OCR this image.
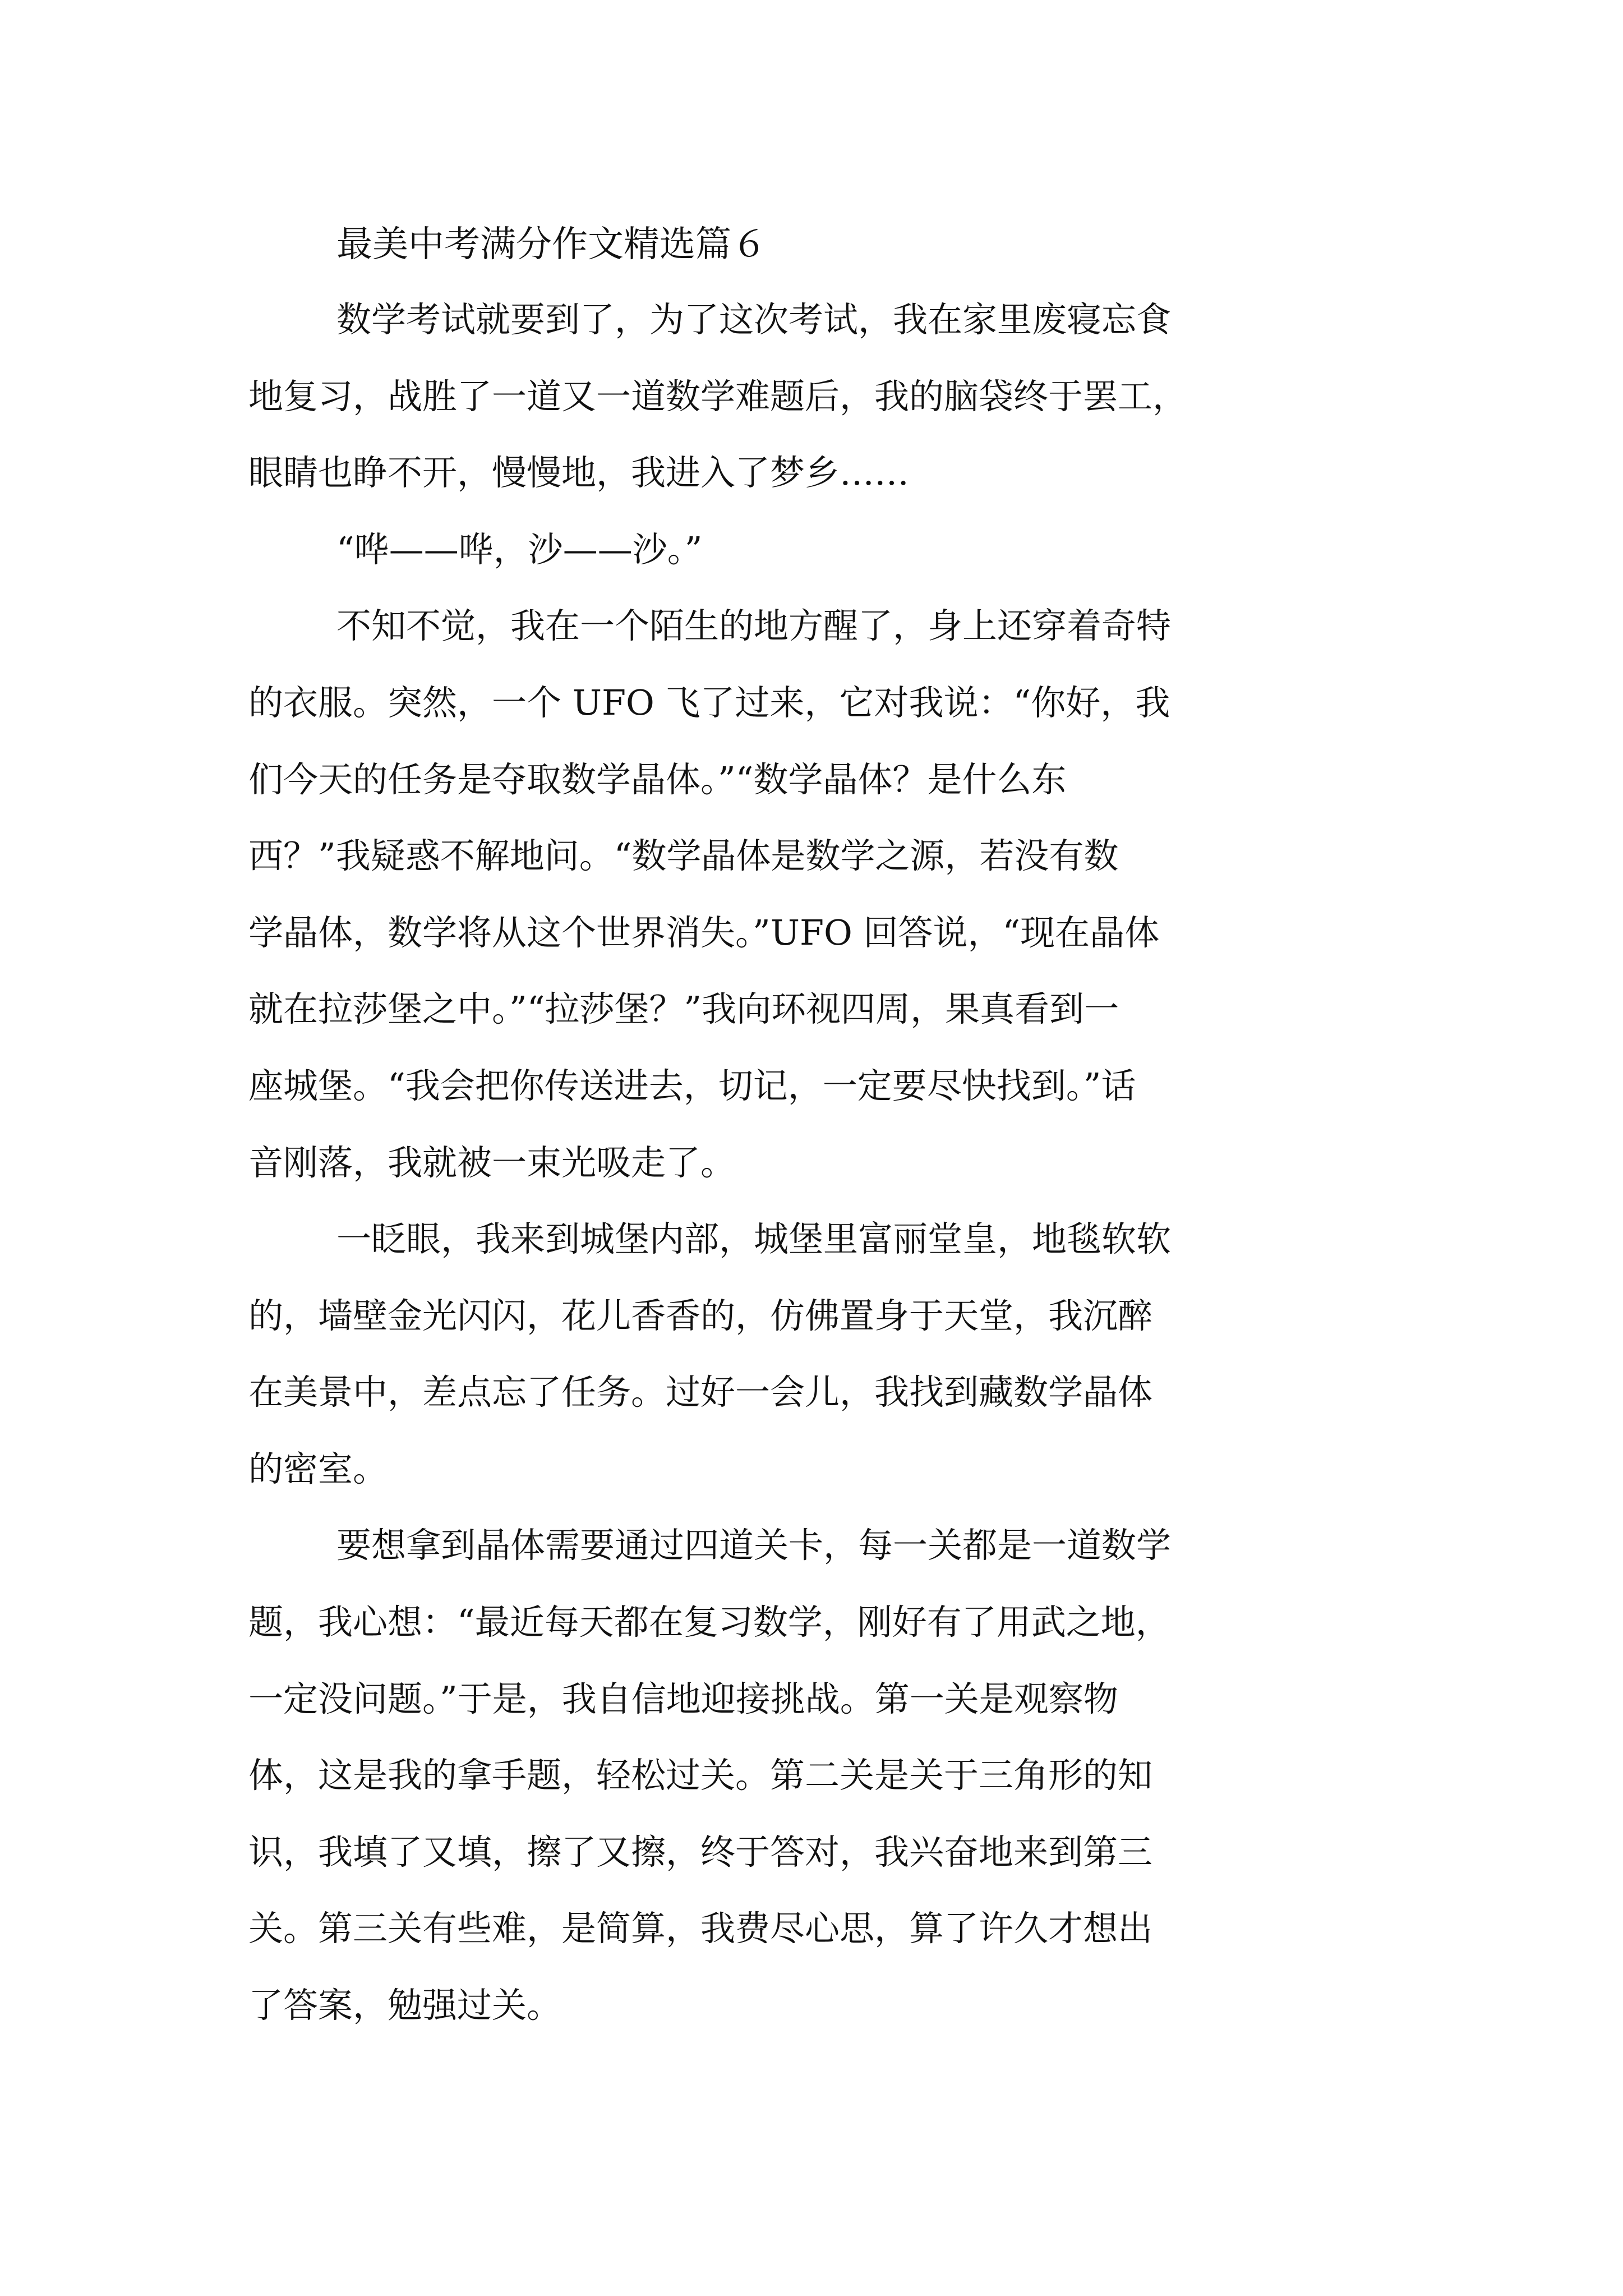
最美中考满分作文精选篇６
数学考试就要到了，为了这次考试，我在家里废寝忘食
地复习，战胜了一道又一道数学难题后，我的脑袋终于罢工，
眼睛也睁不开，慢慢地，我进入了梦乡……
“哗——哗，沙——沙。”
不知不觉，我在一个陌生的地方醒了，身上还穿着奇特
的衣服。突然，一个 UFO 飞了过来，它对我说：“你好，我
们今天的任务是夺取数学晶体。”“数学晶体？是什么东
西？”我疑惑不解地问。“数学晶体是数学之源，若没有数
学晶体，数学将从这个世界消失。”UFO 回答说，“现在晶体
就在拉莎堡之中。”“拉莎堡？”我向环视四周，果真看到一
座城堡。“我会把你传送进去，切记，一定要尽快找到。”话
音刚落，我就被一束光吸走了。
一眨眼，我来到城堡内部，城堡里富丽堂皇，地毯软软
的，墙壁金光闪闪，花儿香香的，仿佛置身于天堂，我沉醉
在美景中，差点忘了任务。过好一会儿，我找到藏数学晶体
的密室。
要想拿到晶体需要通过四道关卡，每一关都是一道数学
题，我心想：“最近每天都在复习数学，刚好有了用武之地，
一定没问题。”于是，我自信地迎接挑战。第一关是观察物
体，这是我的拿手题，轻松过关。第二关是关于三角形的知
识，我填了又填，擦了又擦，终于答对，我兴奋地来到第三
关。第三关有些难，是简算，我费尽心思，算了许久才想出
了答案，勉强过关。
